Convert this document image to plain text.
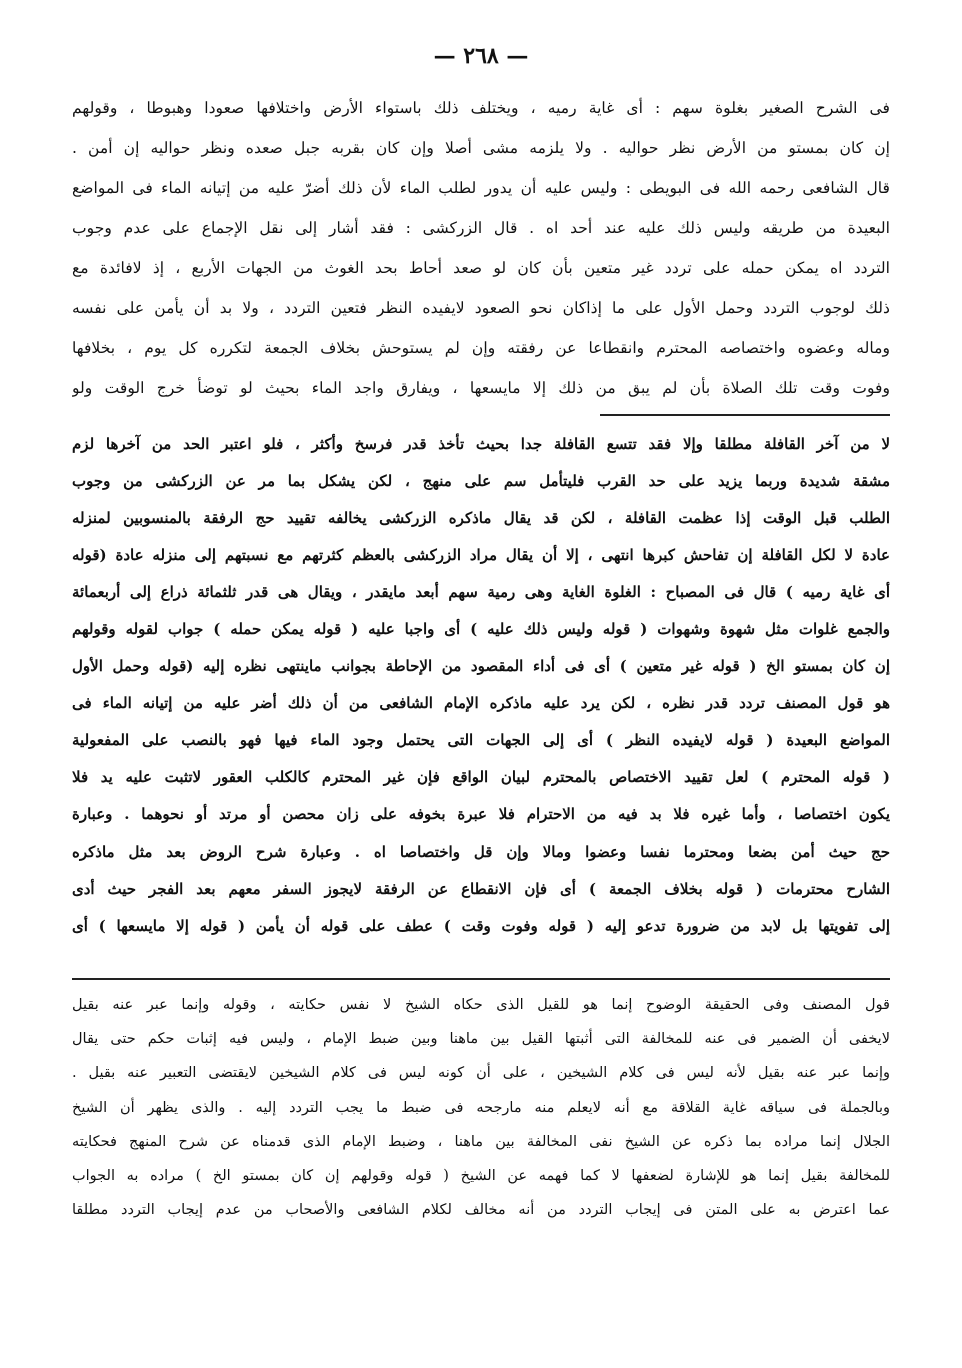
— ٢٦٨ —
فى الشرح الصغير بغلوة سهم : أى غاية رميه ، ويختلف ذلك باستواء الأرض واختلافها صعودا وهبوطا ، وقولهم
إن كان بمستو من الأرض نظر حواليه . ولا يلزمه مشى أصلا وإن كان بقربه جبل صعده ونظر حواليه إن أمن .
قال الشافعى رحمه الله فى البويطى : وليس عليه أن يدور لطلب الماء لأن ذلك أضرّ عليه من إتيانه الماء فى المواضع
البعيدة من طريقه وليس ذلك عليه عند أحد اه . قال الزركشى : فقد أشار إلى نقل الإجماع على عدم وجوب
التردد اه يمكن حمله على تردد غير متعين بأن كان لو صعد أحاط بحد الغوث من الجهات الأربع ، إذ لافائدة مع
ذلك لوجوب التردد وحمل الأول على ما إذاكان نحو الصعود لايفيده النظر فتعين التردد ، ولا بد أن يأمن على نفسه
وماله وعضوه واختصاصه المحترم وانقطاعا عن رفقته وإن لم يستوحش بخلاف الجمعة لتكرره كل يوم ، بخلافها
وفوت وقت تلك الصلاة بأن لم يبق من ذلك إلا مايسعها ، ويفارق واجد الماء بحيث لو توضأ خرج الوقت ولو
لا من آخر القافلة مطلقا وإلا فقد تتسع القافلة جدا بحيث تأخذ قدر فرسخ وأكثر ، فلو اعتبر الحد من آخرها لزم
مشقة شديدة وربما يزيد على حد القرب فليتأمل سم على منهج ، لكن يشكل بما مر عن الزركشى من وجوب
الطلب قبل الوقت إذا عظمت القافلة ، لكن قد يقال ماذكره الزركشى يخالفه تقييد حج الرفقة بالمنسوبين لمنزله
عادة لا لكل القافلة إن تفاحش كبرها انتهى ، إلا أن يقال مراد الزركشى بالعظم كثرتهم مع نسبتهم إلى منزله عادة (قوله
أى غاية رميه ) قال فى المصباح : الغلوة الغاية وهى رمية سهم أبعد مايقدر ، ويقال هى قدر ثلثمائة ذراع إلى أربعمائة
والجمع غلوات مثل شهوة وشهوات ( قوله وليس ذلك عليه ) أى واجبا عليه ( قوله يمكن حمله ) جواب لقوله وقولهم
إن كان بمستو الخ ( قوله غير متعين ) أى فى أداء المقصود من الإحاطة بجوانب ماينتهى نظره إليه (قوله وحمل الأول
هو قول المصنف تردد قدر نظره ، لكن يرد عليه ماذكره الإمام الشافعى من أن ذلك أضر عليه من إتيانه الماء فى
المواضع البعيدة ( قوله لايفيده النظر ) أى إلى الجهات التى يحتمل وجود الماء فيها فهو بالنصب على المفعولية
( قوله المحترم ) لعل تقييد الاختصاص بالمحترم لبيان الواقع فإن غير المحترم كالكلب العقور لاتثبت عليه يد فلا
يكون اختصاصا ، وأما غيره فلا بد فيه من الاحترام فلا عبرة بخوفه على زان محصن أو مرتد أو نحوهما . وعبارة
حج حيث أمن بضعا ومحترما نفسا وعضوا ومالا وإن قل واختصاصا اه . وعبارة شرح الروض بعد مثل ماذكره
الشارح محترمات ( قوله بخلاف الجمعة ) أى فإن الانقطاع عن الرفقة لايجوز السفر معهم بعد الفجر حيث أدى
إلى تفويتها بل لابد من ضرورة تدعو إليه ( قوله وفوت وقت ) عطف على قوله أن يأمن ( قوله إلا مايسعها ) أى
قول المصنف وفى الحقيقة الوضوح إنما هو للقيل الذى حكاه الشيخ لا نفس حكايته ، وقوله وإنما عبر عنه بقيل
لايخفى أن الضمير فى عنه للمخالفة التى أثبتها القيل بين ماهنا وبين ضبط الإمام ، وليس فيه إثبات حكم حتى يقال
وإنما عبر عنه بقيل لأنه ليس فى كلام الشيخين ، على أن كونه ليس فى كلام الشيخين لايقتضى التعبير عنه بقيل .
وبالجملة فى سياقه غاية القلاقة مع أنه لايعلم منه مارجحه فى ضبط ما يجب التردد إليه . والذى يظهر أن الشيخ
الجلال إنما مراده بما ذكره عن الشيخ نفى المخالفة بين ماهنا ، وضبط الإمام الذى قدمناه عن شرح المنهج فحكايته
للمخالفة بقيل إنما هو للإشارة لضعفها لا كما فهمه عن الشيخ ( قوله وقولهم إن كان بمستو الخ ) مراده به الجواب
عما اعترض به على المتن فى إيجاب التردد من أنه مخالف لكلام الشافعى والأصحاب من عدم إيجاب التردد مطلقا
